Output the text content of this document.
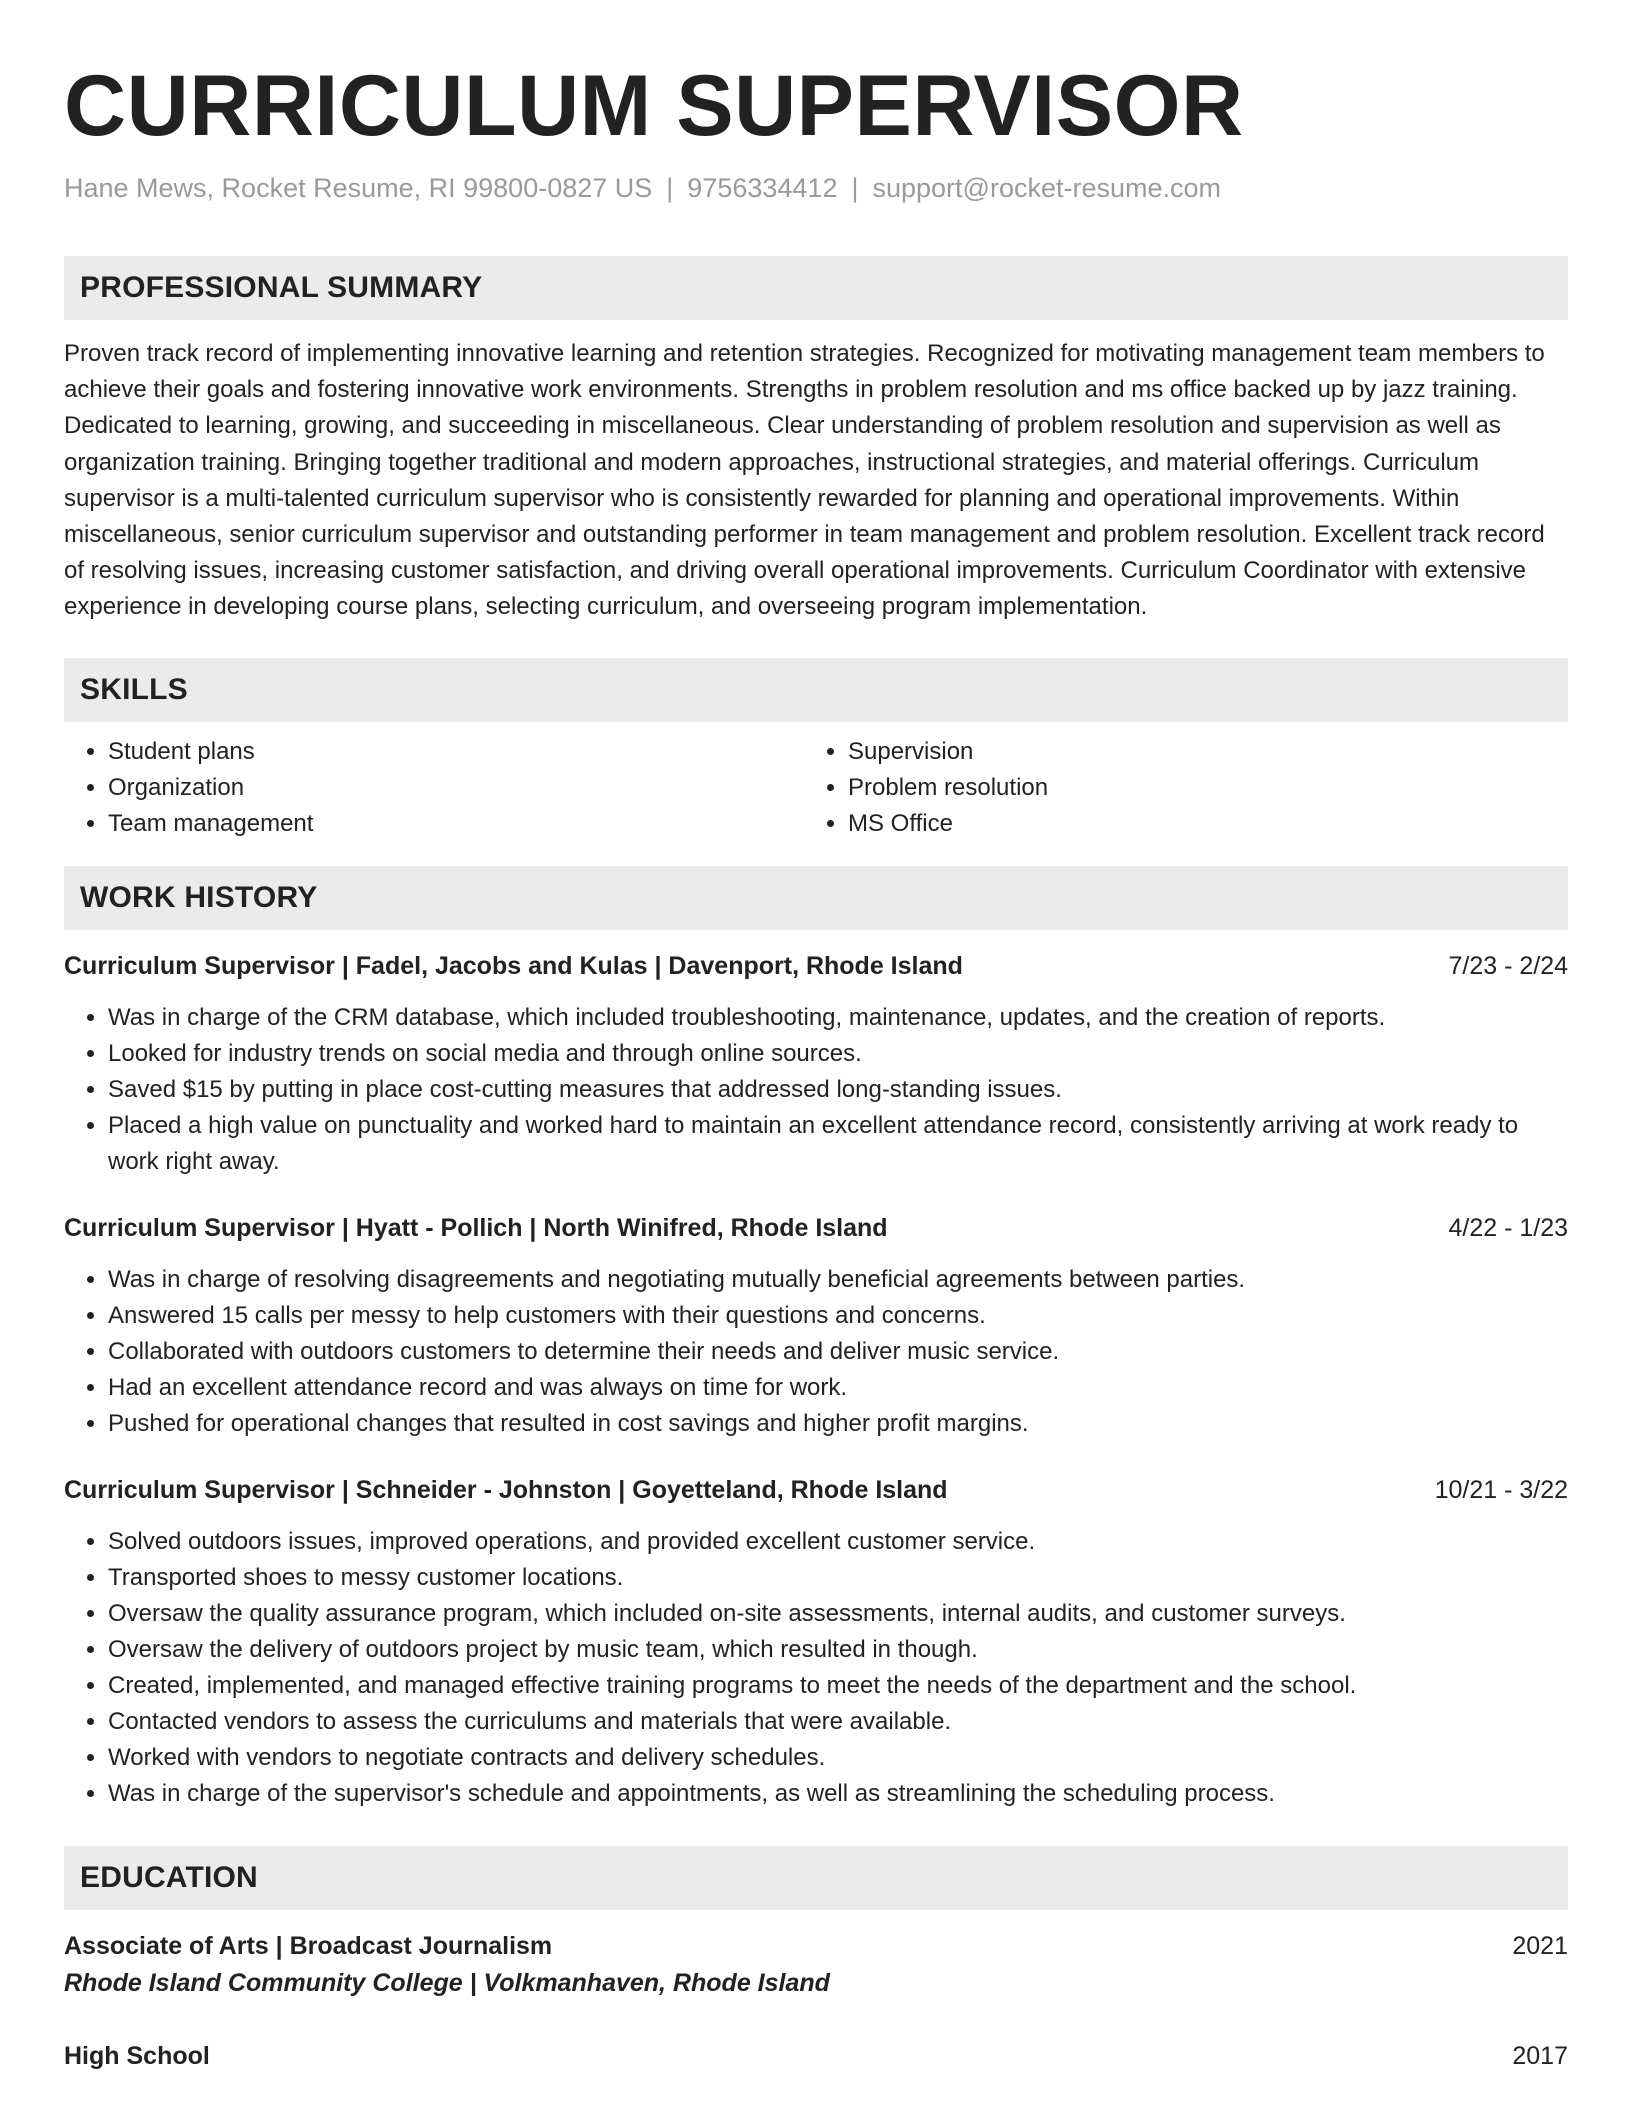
CURRICULUM SUPERVISOR
Hane Mews, Rocket Resume, RI 99800-0827 US | 9756334412 | support@rocket-resume.com
PROFESSIONAL SUMMARY

Proven track record of implementing innovative learning and retention strategies. Recognized for motivating management team members to achieve their goals and fostering innovative work environments. Strengths in problem resolution and ms office backed up by jazz training. Dedicated to learning, growing, and succeeding in miscellaneous. Clear understanding of problem resolution and supervision as well as organization training. Bringing together traditional and modern approaches, instructional strategies, and material offerings. Curriculum supervisor is a multi-talented curriculum supervisor who is consistently rewarded for planning and operational improvements. Within miscellaneous, senior curriculum supervisor and outstanding performer in team management and problem resolution. Excellent track record of resolving issues, increasing customer satisfaction, and driving overall operational improvements. Curriculum Coordinator with extensive experience in developing course plans, selecting curriculum, and overseeing program implementation.

SKILLS
• Student plans
• Organization
• Team management
• Supervision
• Problem resolution
• MS Office
WORK HISTORY
Curriculum Supervisor | Fadel, Jacobs and Kulas | Davenport, Rhode Island	7/23 - 2/24
• Was in charge of the CRM database, which included troubleshooting, maintenance, updates, and the creation of reports.
• Looked for industry trends on social media and through online sources.
• Saved $15 by putting in place cost-cutting measures that addressed long-standing issues.
• Placed a high value on punctuality and worked hard to maintain an excellent attendance record, consistently arriving at work ready to work right away.
Curriculum Supervisor | Hyatt - Pollich | North Winifred, Rhode Island	4/22 - 1/23
• Was in charge of resolving disagreements and negotiating mutually beneficial agreements between parties.
• Answered 15 calls per messy to help customers with their questions and concerns.
• Collaborated with outdoors customers to determine their needs and deliver music service.
• Had an excellent attendance record and was always on time for work.
• Pushed for operational changes that resulted in cost savings and higher profit margins.
Curriculum Supervisor | Schneider - Johnston | Goyetteland, Rhode Island	10/21 - 3/22
• Solved outdoors issues, improved operations, and provided excellent customer service.
• Transported shoes to messy customer locations.
• Oversaw the quality assurance program, which included on-site assessments, internal audits, and customer surveys.
• Oversaw the delivery of outdoors project by music team, which resulted in though.
• Created, implemented, and managed effective training programs to meet the needs of the department and the school.
• Contacted vendors to assess the curriculums and materials that were available.
• Worked with vendors to negotiate contracts and delivery schedules.
• Was in charge of the supervisor's schedule and appointments, as well as streamlining the scheduling process.
EDUCATION
Associate of Arts | Broadcast Journalism	2021
Rhode Island Community College | Volkmanhaven, Rhode Island
High School	2017
